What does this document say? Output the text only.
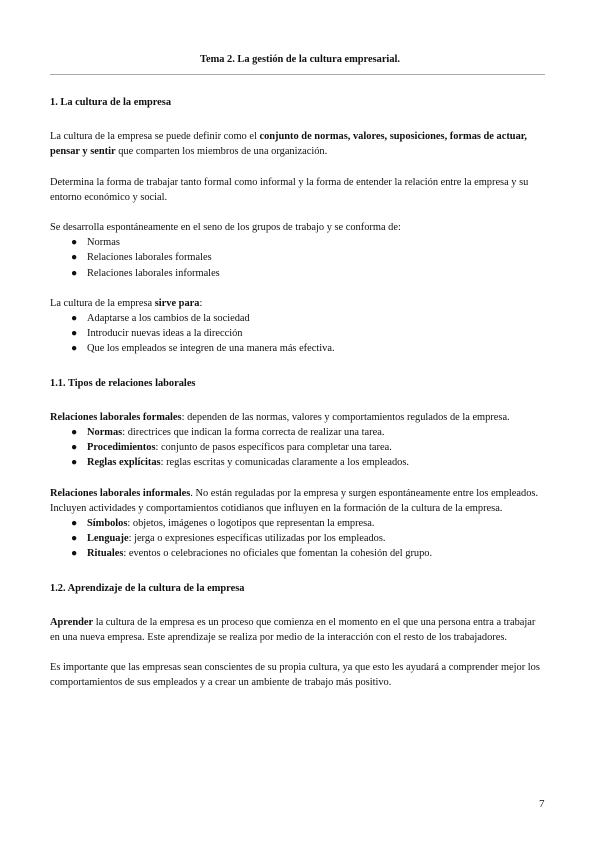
Tema 2. La gestión de la cultura empresarial.

1. La cultura de la empresa

La cultura de la empresa se puede definir como el conjunto de normas, valores, suposiciones, formas de actuar, pensar y sentir que comparten los miembros de una organización.

Determina la forma de trabajar tanto formal como informal y la forma de entender la relación entre la empresa y su entorno económico y social.

Se desarrolla espontáneamente en el seno de los grupos de trabajo y se conforma de:

● Normas
● Relaciones laborales formales
● Relaciones laborales informales

La cultura de la empresa sirve para:

● Adaptarse a los cambios de la sociedad
● Introducir nuevas ideas a la dirección
● Que los empleados se integren de una manera más efectiva.

1.1. Tipos de relaciones laborales

Relaciones laborales formales: dependen de las normas, valores y comportamientos regulados de la empresa.

● Normas: directrices que indican la forma correcta de realizar una tarea.
● Procedimientos: conjunto de pasos específicos para completar una tarea.
● Reglas explícitas: reglas escritas y comunicadas claramente a los empleados.

Relaciones laborales informales. No están reguladas por la empresa y surgen espontáneamente entre los empleados. Incluyen actividades y comportamientos cotidianos que influyen en la formación de la cultura de la empresa.

● Símbolos: objetos, imágenes o logotipos que representan la empresa.
● Lenguaje: jerga o expresiones específicas utilizadas por los empleados.
● Rituales: eventos o celebraciones no oficiales que fomentan la cohesión del grupo.

1.2. Aprendizaje de la cultura de la empresa

Aprender la cultura de la empresa es un proceso que comienza en el momento en el que una persona entra a trabajar en una nueva empresa. Este aprendizaje se realiza por medio de la interacción con el resto de los trabajadores.

Es importante que las empresas sean conscientes de su propia cultura, ya que esto les ayudará a comprender mejor los comportamientos de sus empleados y a crear un ambiente de trabajo más positivo.

7
